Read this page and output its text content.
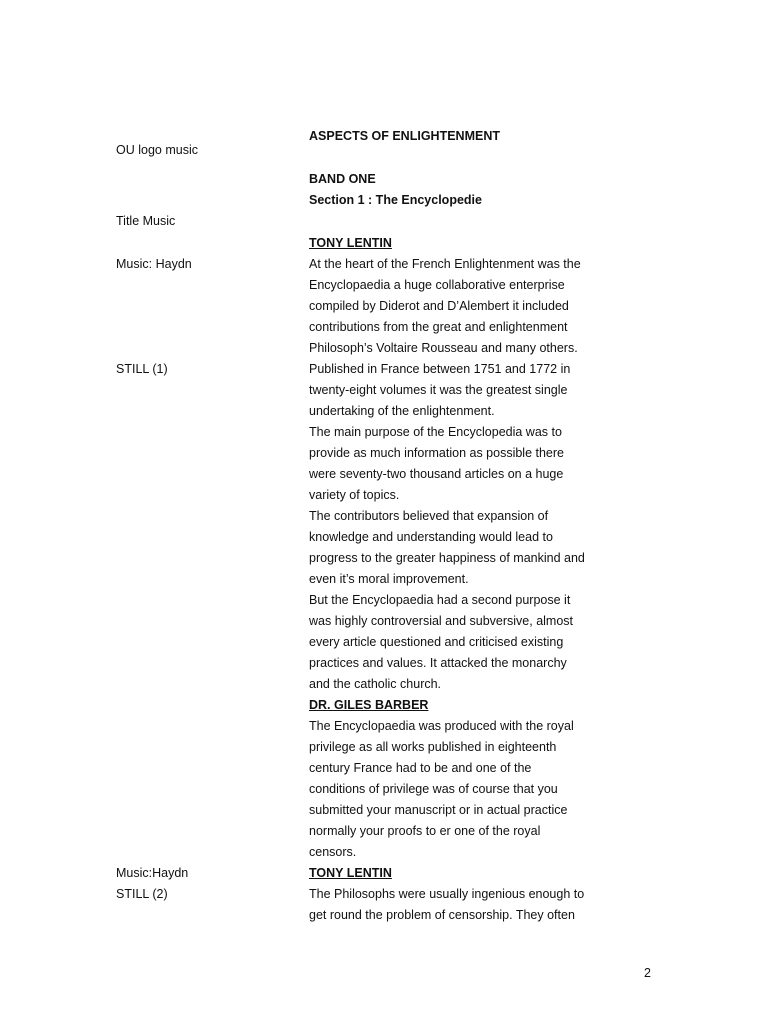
ASPECTS OF ENLIGHTENMENT
OU logo music
BAND ONE
Section 1 : The Encyclopedie
Title Music
TONY LENTIN
Music: Haydn	At the heart of the French Enlightenment was the
Encyclopaedia a huge collaborative enterprise
compiled by Diderot and D’Alembert it included
contributions from the great and enlightenment
Philosoph’s Voltaire Rousseau and many others.
STILL (1)	Published in France between 1751 and 1772 in
twenty-eight volumes it was the greatest single
undertaking of the enlightenment.
The main purpose of the Encyclopedia was to
provide as much information as possible there
were seventy-two thousand articles on a huge
variety of topics.
The contributors believed that expansion of
knowledge and understanding would lead to
progress to the greater happiness of mankind and
even it’s moral improvement.
But the Encyclopaedia had a second purpose it
was highly controversial and subversive, almost
every article questioned and criticised existing
practices and values. It attacked the monarchy
and the catholic church.
DR. GILES BARBER
The Encyclopaedia was produced with the royal
privilege as all works published in eighteenth
century France had to be and one of the
conditions of privilege was of course that you
submitted your manuscript or in actual practice
normally your proofs to er one of the royal
censors.
Music:Haydn	TONY LENTIN
STILL (2)	The Philosophs were usually ingenious enough to
get round the problem of censorship. They often
2
